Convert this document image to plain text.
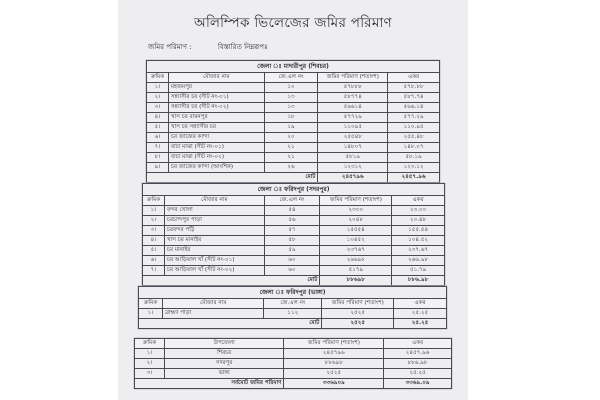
অলিম্পিক ভিলেজের জমির পরিমাণ
জমির পরিমাণ :	বিস্তারিত নিম্নরূপঃ
জেলা ঃ মাদারীপুর (শিবচর)				
ক্রমিক	মৌজার নাম	জে.এল নং	জমির পরিমাণ (শতাংশ)	একর
১।	মহজমপুর	১০	৫৭৮৮৮	৫৭৮.৮৮
২।	সন্ন্যাসীর চর (সীট নং-০১)	১৩	৫৮৭৭৪	৫৮৭.৭৪
৩।	সন্ন্যাসীর চর (সীট নং-০২)	১৩	৫৬৬১৪	৫৬৬.১৪
৪।	খাস চর বামনপুর	১৮	৫৭৭২৯	৫৭৭.২৯
৫।	খাস চর সন্ন্যাসীর চর	১৯	১১০৯৫	১১০.৯৫
৬।	চর জাজের কান্দা	২০	২৫৫৪৮	২৫৫.৪৮
৭।	বাচা মাঝা (সীট নং-০১)	২১	১৪৮০৭	১৪৮.০৭
৮।	বাচা মাঝা (সীট নং-০২)	২১	৫৮১৯	৫৮.১৯
৯।	চর জাজের কান্দা (আংশিক)	২৬	১২৩১২	১২৩.১২
মোট			২৪৫৭৯৬	২৪৫৭.৯৬
জেলা ঃ ফরিদপুর (সদরপুর)				
ক্রমিক	মৌজার নাম	জে.এল নং	জমির পরিমাণ (শতাংশ)	একর
১।	বন্দর খোলা	৫৪	২৩০০	২৩.০০
২।	চরচান্দপুর পাড়া	৫৬	২০৪৮	২০.৪৮
৩।	চরবন্দর পট্টি	৫৭	১৫৫৫৪	১৫৫.৫৪
৪।	খাস চর মানাইর	৫৮	১০৪৫২	১০৪.৫২
৫।	চর মানাইর	৫৯	২৩৭৬৭	২৩৭.৬৭
৬।	চর আড়িয়াল খাঁ (সীট নং-০১)	৬০	২৬৬৯৮	২৬৬.৯৮
৭।	চর আড়িয়াল খাঁ (সীট নং-০২)	৬০	৫১৭৯	৫১.৭৯
মোট			৮৮৬৯৮	৮৮৬.৯৮
জেলা ঃ ফরিদপুর (ভাঙ্গা)				
ক্রমিক	মৌজার নাম	জে.এল নং	জমির পরিমাণ (শতাংশ)	একর
১।	ব্রাহ্মণ পাড়া	১১২	২৫২৫	২৫.২৫
মোট			২৫২৫	২৫.২৫
ক্রমিক	উপজেলা	জমির পরিমাণ (শতাংশ)	একর
১।	শিবচর	২৪৫৭৯৬	২৪৫৭.৯৬
২।	সদরপুর	৮৮৬৯৮	৮৮৬.৯৮
৩।	ভাঙ্গা	২৫২৫	২৫.২৫
সর্বমোট জমির পরিমাণ		৩৩৬৯০৯	৩৩৬৯.০৯
